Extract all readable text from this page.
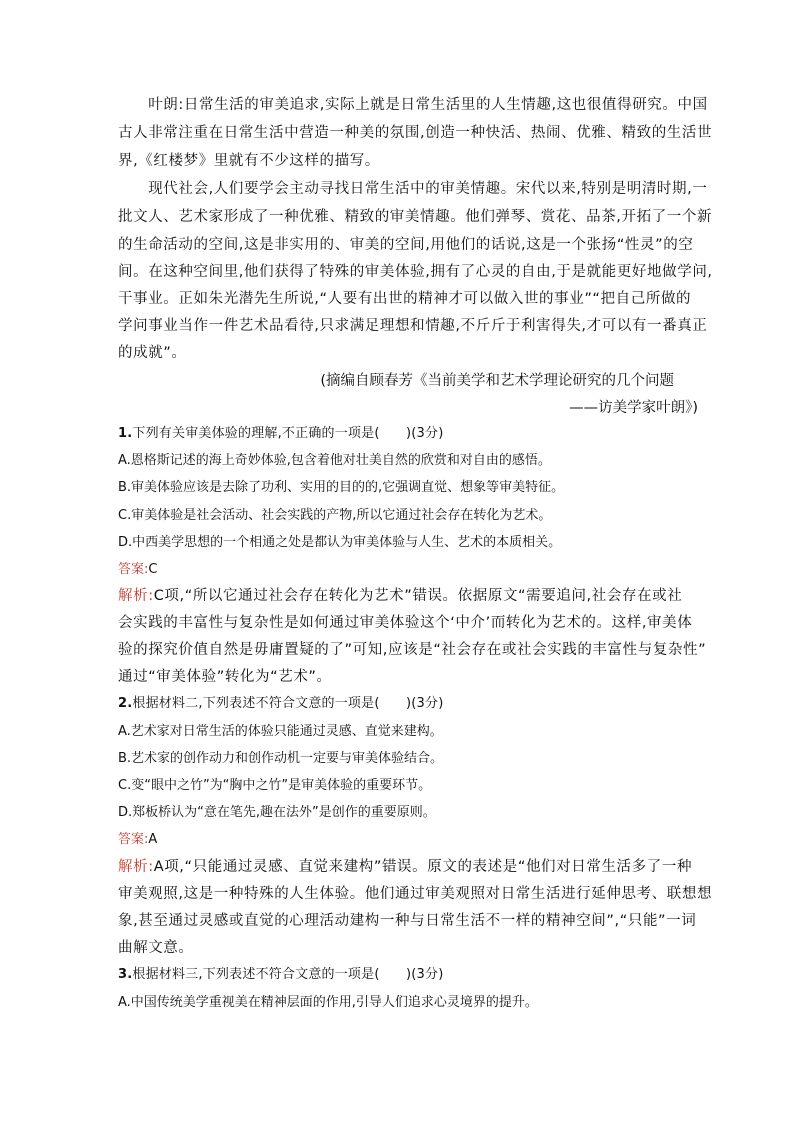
　　叶朗:日常生活的审美追求,实际上就是日常生活里的人生情趣,这也很值得研究。中国
古人非常注重在日常生活中营造一种美的氛围,创造一种快活、热闹、优雅、精致的生活世
界,《红楼梦》里就有不少这样的描写。
　　现代社会,人们要学会主动寻找日常生活中的审美情趣。宋代以来,特别是明清时期,一
批文人、艺术家形成了一种优雅、精致的审美情趣。他们弹琴、赏花、品茶,开拓了一个新
的生命活动的空间,这是非实用的、审美的空间,用他们的话说,这是一个张扬“性灵”的空
间。在这种空间里,他们获得了特殊的审美体验,拥有了心灵的自由,于是就能更好地做学问,
干事业。正如朱光潜先生所说,“人要有出世的精神才可以做入世的事业”“把自己所做的
学问事业当作一件艺术品看待,只求满足理想和情趣,不斤斤于利害得失,才可以有一番真正
的成就”。
(摘编自顾春芳《当前美学和艺术学理论研究的几个问题
——访美学家叶朗》)
1.下列有关审美体验的理解,不正确的一项是(　　)(3分)
A.恩格斯记述的海上奇妙体验,包含着他对壮美自然的欣赏和对自由的感悟。
B.审美体验应该是去除了功利、实用的目的的,它强调直觉、想象等审美特征。
C.审美体验是社会活动、社会实践的产物,所以它通过社会存在转化为艺术。
D.中西美学思想的一个相通之处是都认为审美体验与人生、艺术的本质相关。
答案:C
解析:C项,“所以它通过社会存在转化为艺术”错误。依据原文“需要追问,社会存在或社
会实践的丰富性与复杂性是如何通过审美体验这个‘中介’而转化为艺术的。这样,审美体
验的探究价值自然是毋庸置疑的了”可知,应该是“社会存在或社会实践的丰富性与复杂性”
通过“审美体验”转化为“艺术”。
2.根据材料二,下列表述不符合文意的一项是(　　)(3分)
A.艺术家对日常生活的体验只能通过灵感、直觉来建构。
B.艺术家的创作动力和创作动机一定要与审美体验结合。
C.变“眼中之竹”为“胸中之竹”是审美体验的重要环节。
D.郑板桥认为“意在笔先,趣在法外”是创作的重要原则。
答案:A
解析:A项,“只能通过灵感、直觉来建构”错误。原文的表述是“他们对日常生活多了一种
审美观照,这是一种特殊的人生体验。他们通过审美观照对日常生活进行延伸思考、联想想
象,甚至通过灵感或直觉的心理活动建构一种与日常生活不一样的精神空间”,“只能”一词
曲解文意。
3.根据材料三,下列表述不符合文意的一项是(　　)(3分)
A.中国传统美学重视美在精神层面的作用,引导人们追求心灵境界的提升。
